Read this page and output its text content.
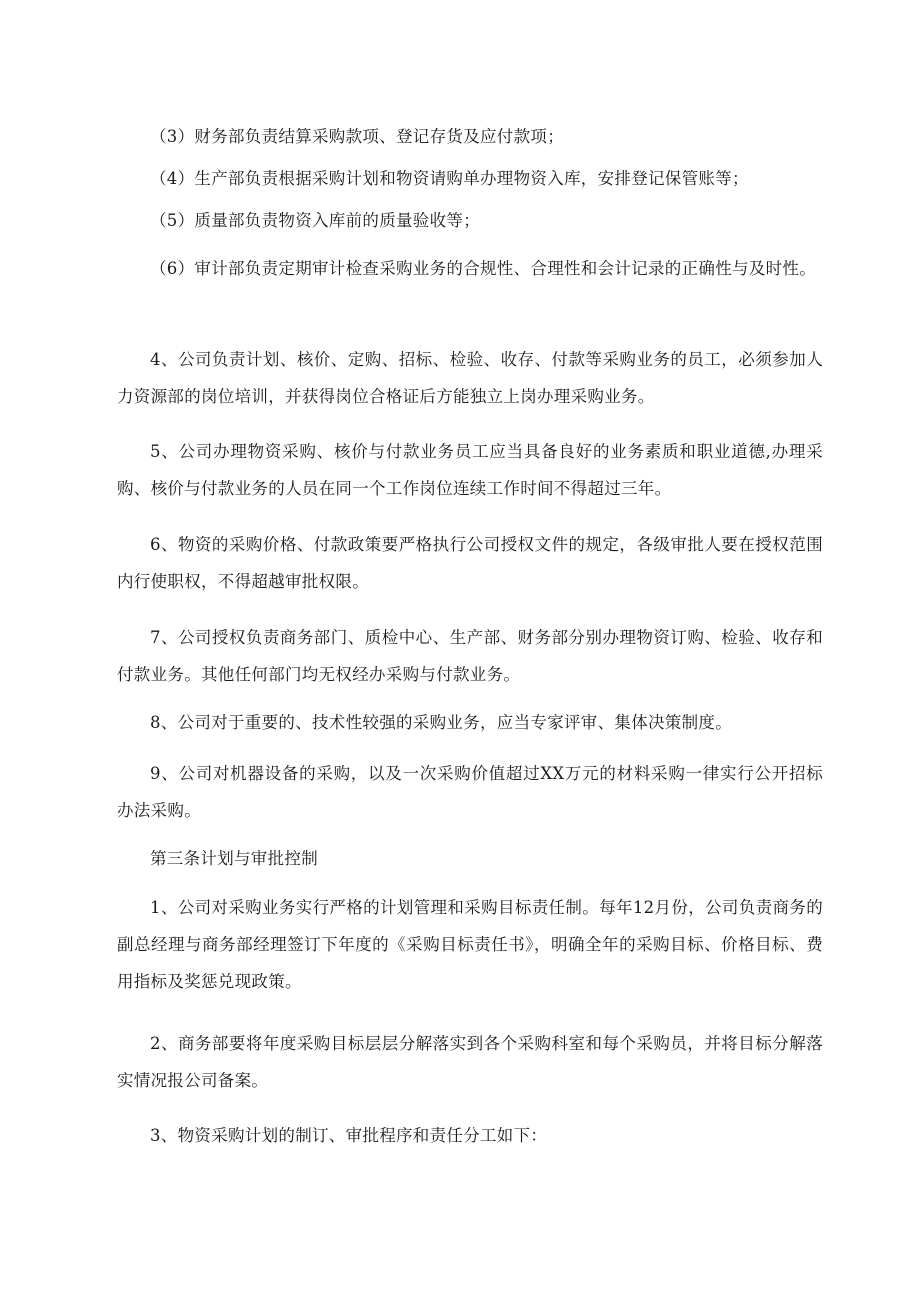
（3）财务部负责结算采购款项、登记存货及应付款项；

（4）生产部负责根据采购计划和物资请购单办理物资入库，安排登记保管账等；

（5）质量部负责物资入库前的质量验收等；

（6）审计部负责定期审计检查采购业务的合规性、合理性和会计记录的正确性与及时性。

4、公司负责计划、核价、定购、招标、检验、收存、付款等采购业务的员工，必须参加人力资源部的岗位培训，并获得岗位合格证后方能独立上岗办理采购业务。

5、公司办理物资采购、核价与付款业务员工应当具备良好的业务素质和职业道德,办理采购、核价与付款业务的人员在同一个工作岗位连续工作时间不得超过三年。

6、物资的采购价格、付款政策要严格执行公司授权文件的规定，各级审批人要在授权范围内行使职权，不得超越审批权限。

7、公司授权负责商务部门、质检中心、生产部、财务部分别办理物资订购、检验、收存和付款业务。其他任何部门均无权经办采购与付款业务。

8、公司对于重要的、技术性较强的采购业务，应当专家评审、集体决策制度。

9、公司对机器设备的采购，以及一次采购价值超过XX万元的材料采购一律实行公开招标办法采购。

第三条计划与审批控制

1、公司对采购业务实行严格的计划管理和采购目标责任制。每年12月份，公司负责商务的副总经理与商务部经理签订下年度的《采购目标责任书》，明确全年的采购目标、价格目标、费用指标及奖惩兑现政策。

2、商务部要将年度采购目标层层分解落实到各个采购科室和每个采购员，并将目标分解落实情况报公司备案。

3、物资采购计划的制订、审批程序和责任分工如下：
